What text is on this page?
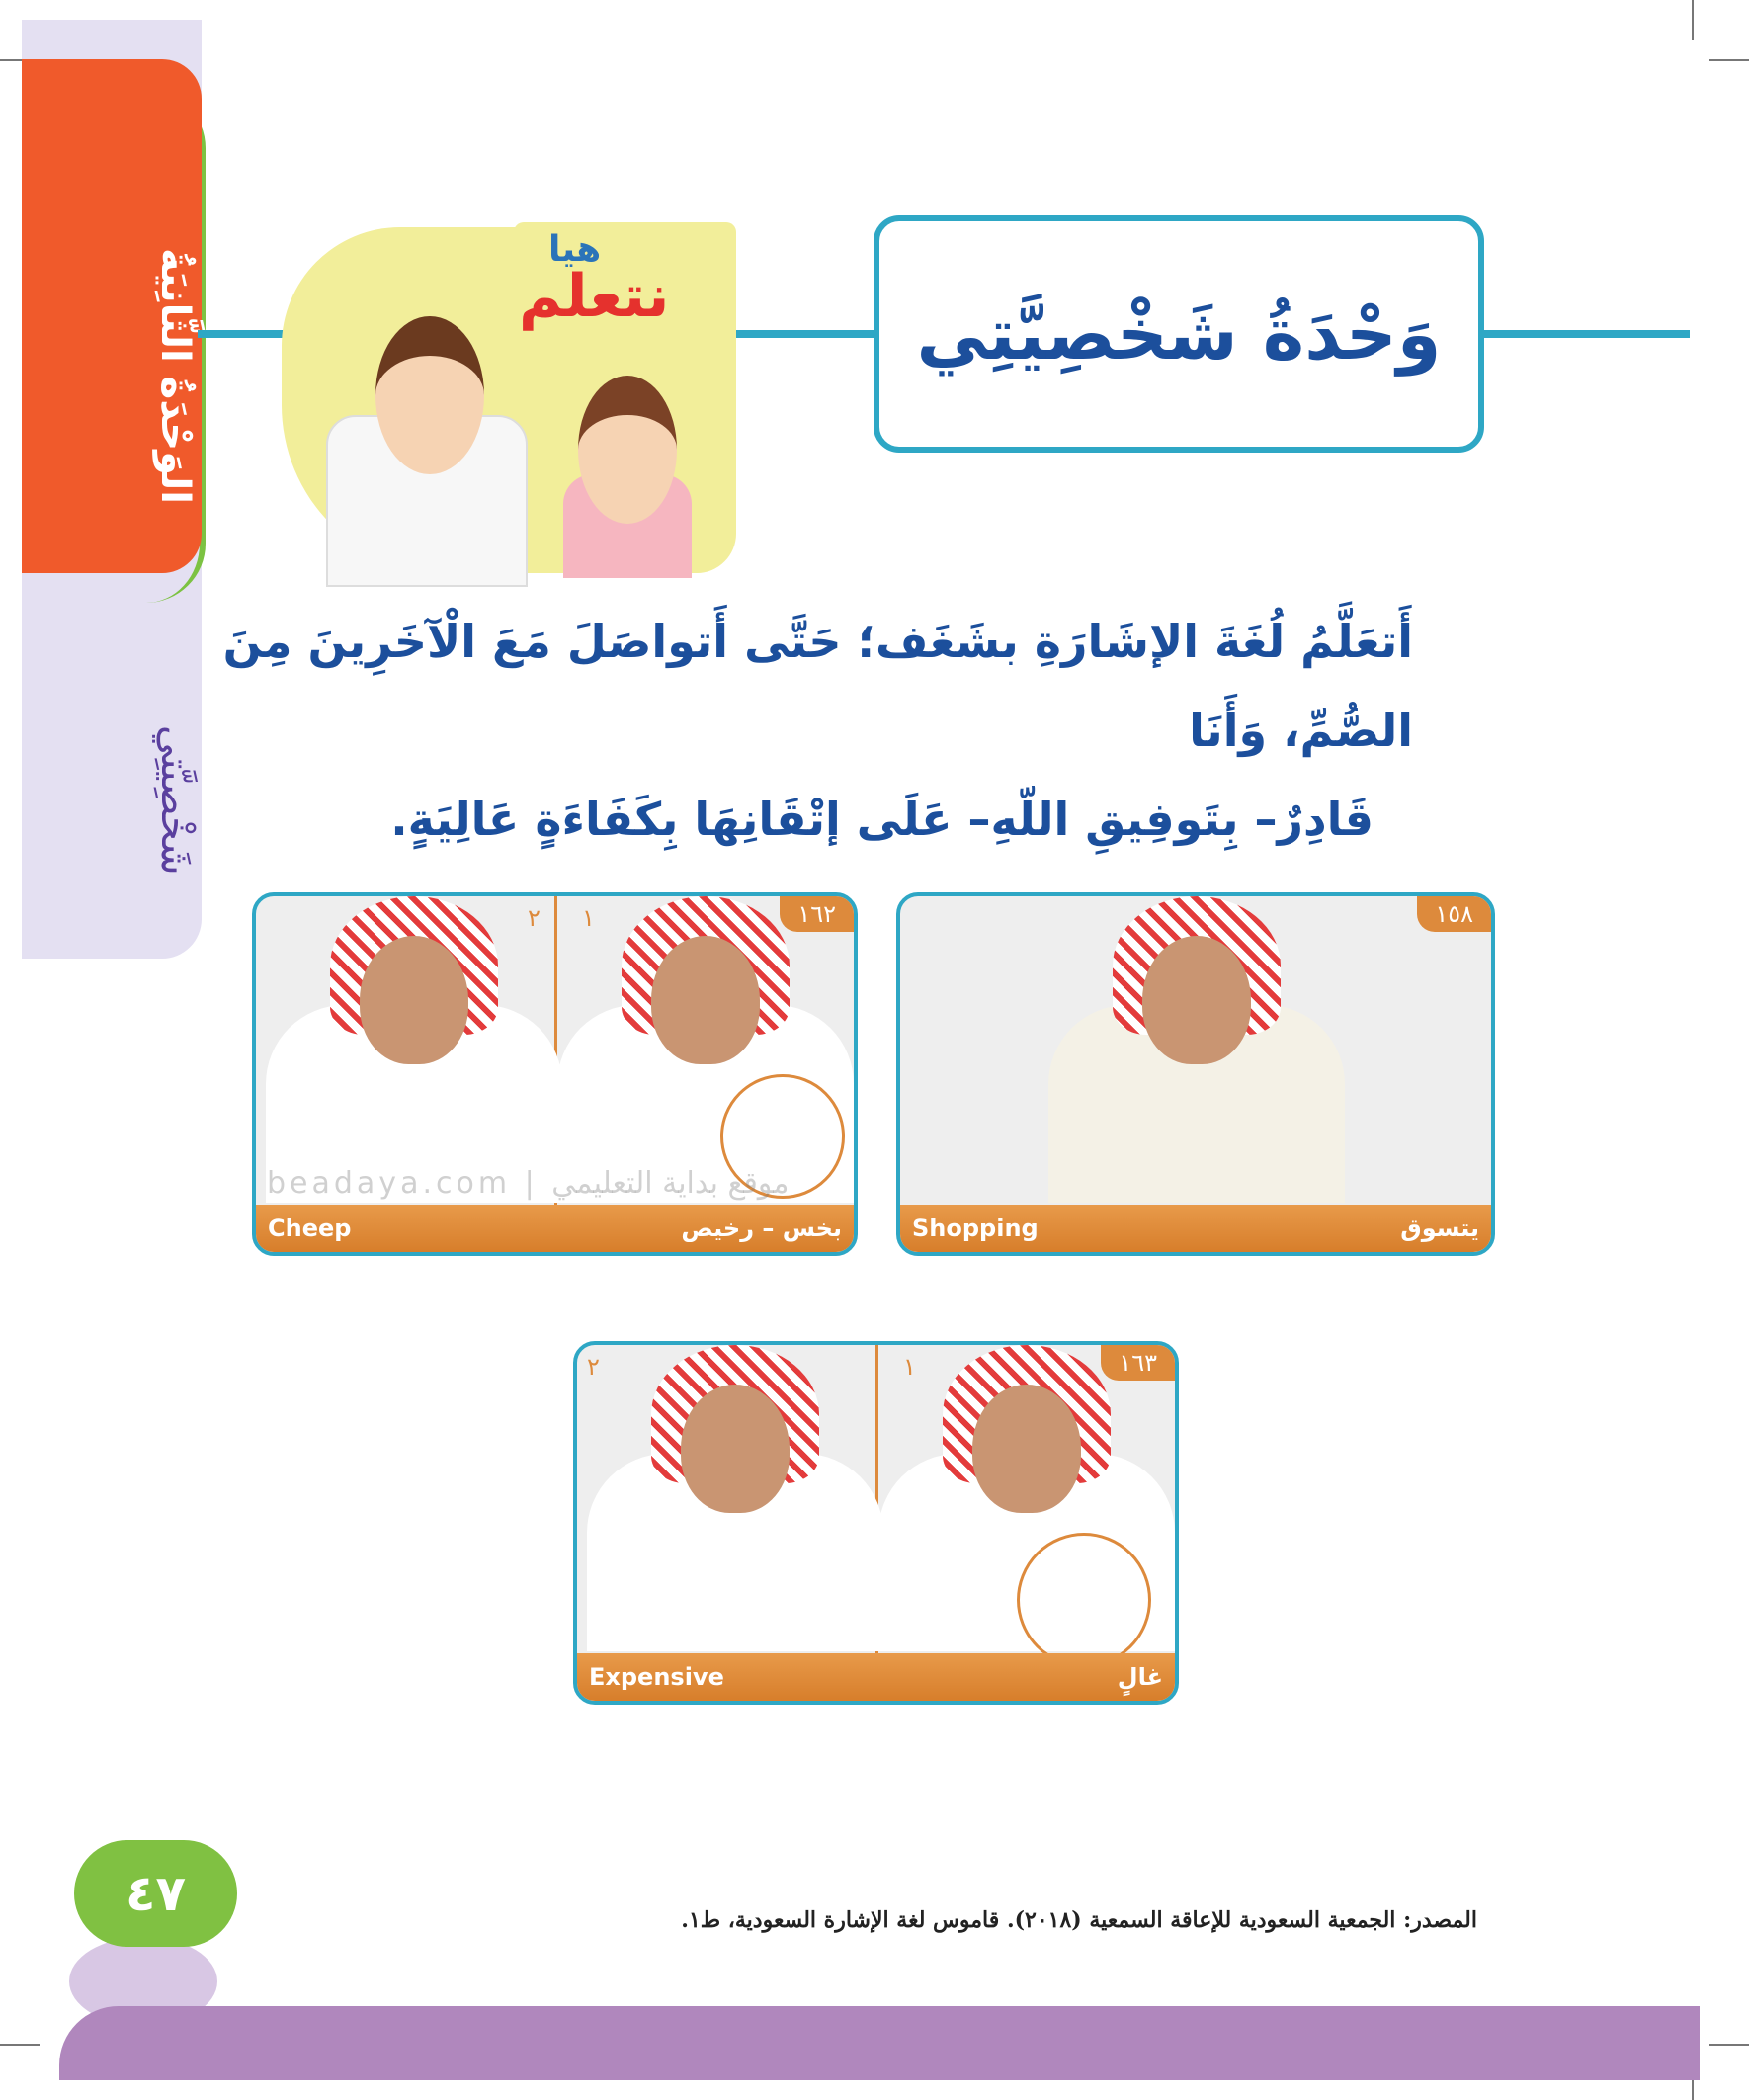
الوَحْدَةُ الثَّانِيَةُ
شَخْصِيَّتِي
وَحْدَةُ شَخْصِيَّتِي
هيا
نتعلم
أَتعَلَّمُ لُغَةَ الإشَارَةِ بشَغَف؛ حَتَّى أَتواصَلَ مَعَ الْآخَرِينَ مِنَ الصُّمِّ، وَأَنَا
قَادِرٌ– بِتَوفِيقِ اللّهِ– عَلَى إتْقَانِهَا بِكَفَاءَةٍ عَالِيَةٍ.
١٦٢
٢ ١
Cheep	بخس – رخيص
١٥٨
Shopping	يتسوق
١٦٣
٢	١
Expensive	غالٍ
beadaya.com | موقع بداية التعليمي
٤٧	المصدر: الجمعية السعودية للإعاقة السمعية (٢٠١٨). قاموس لغة الإشارة السعودية، ط١.
